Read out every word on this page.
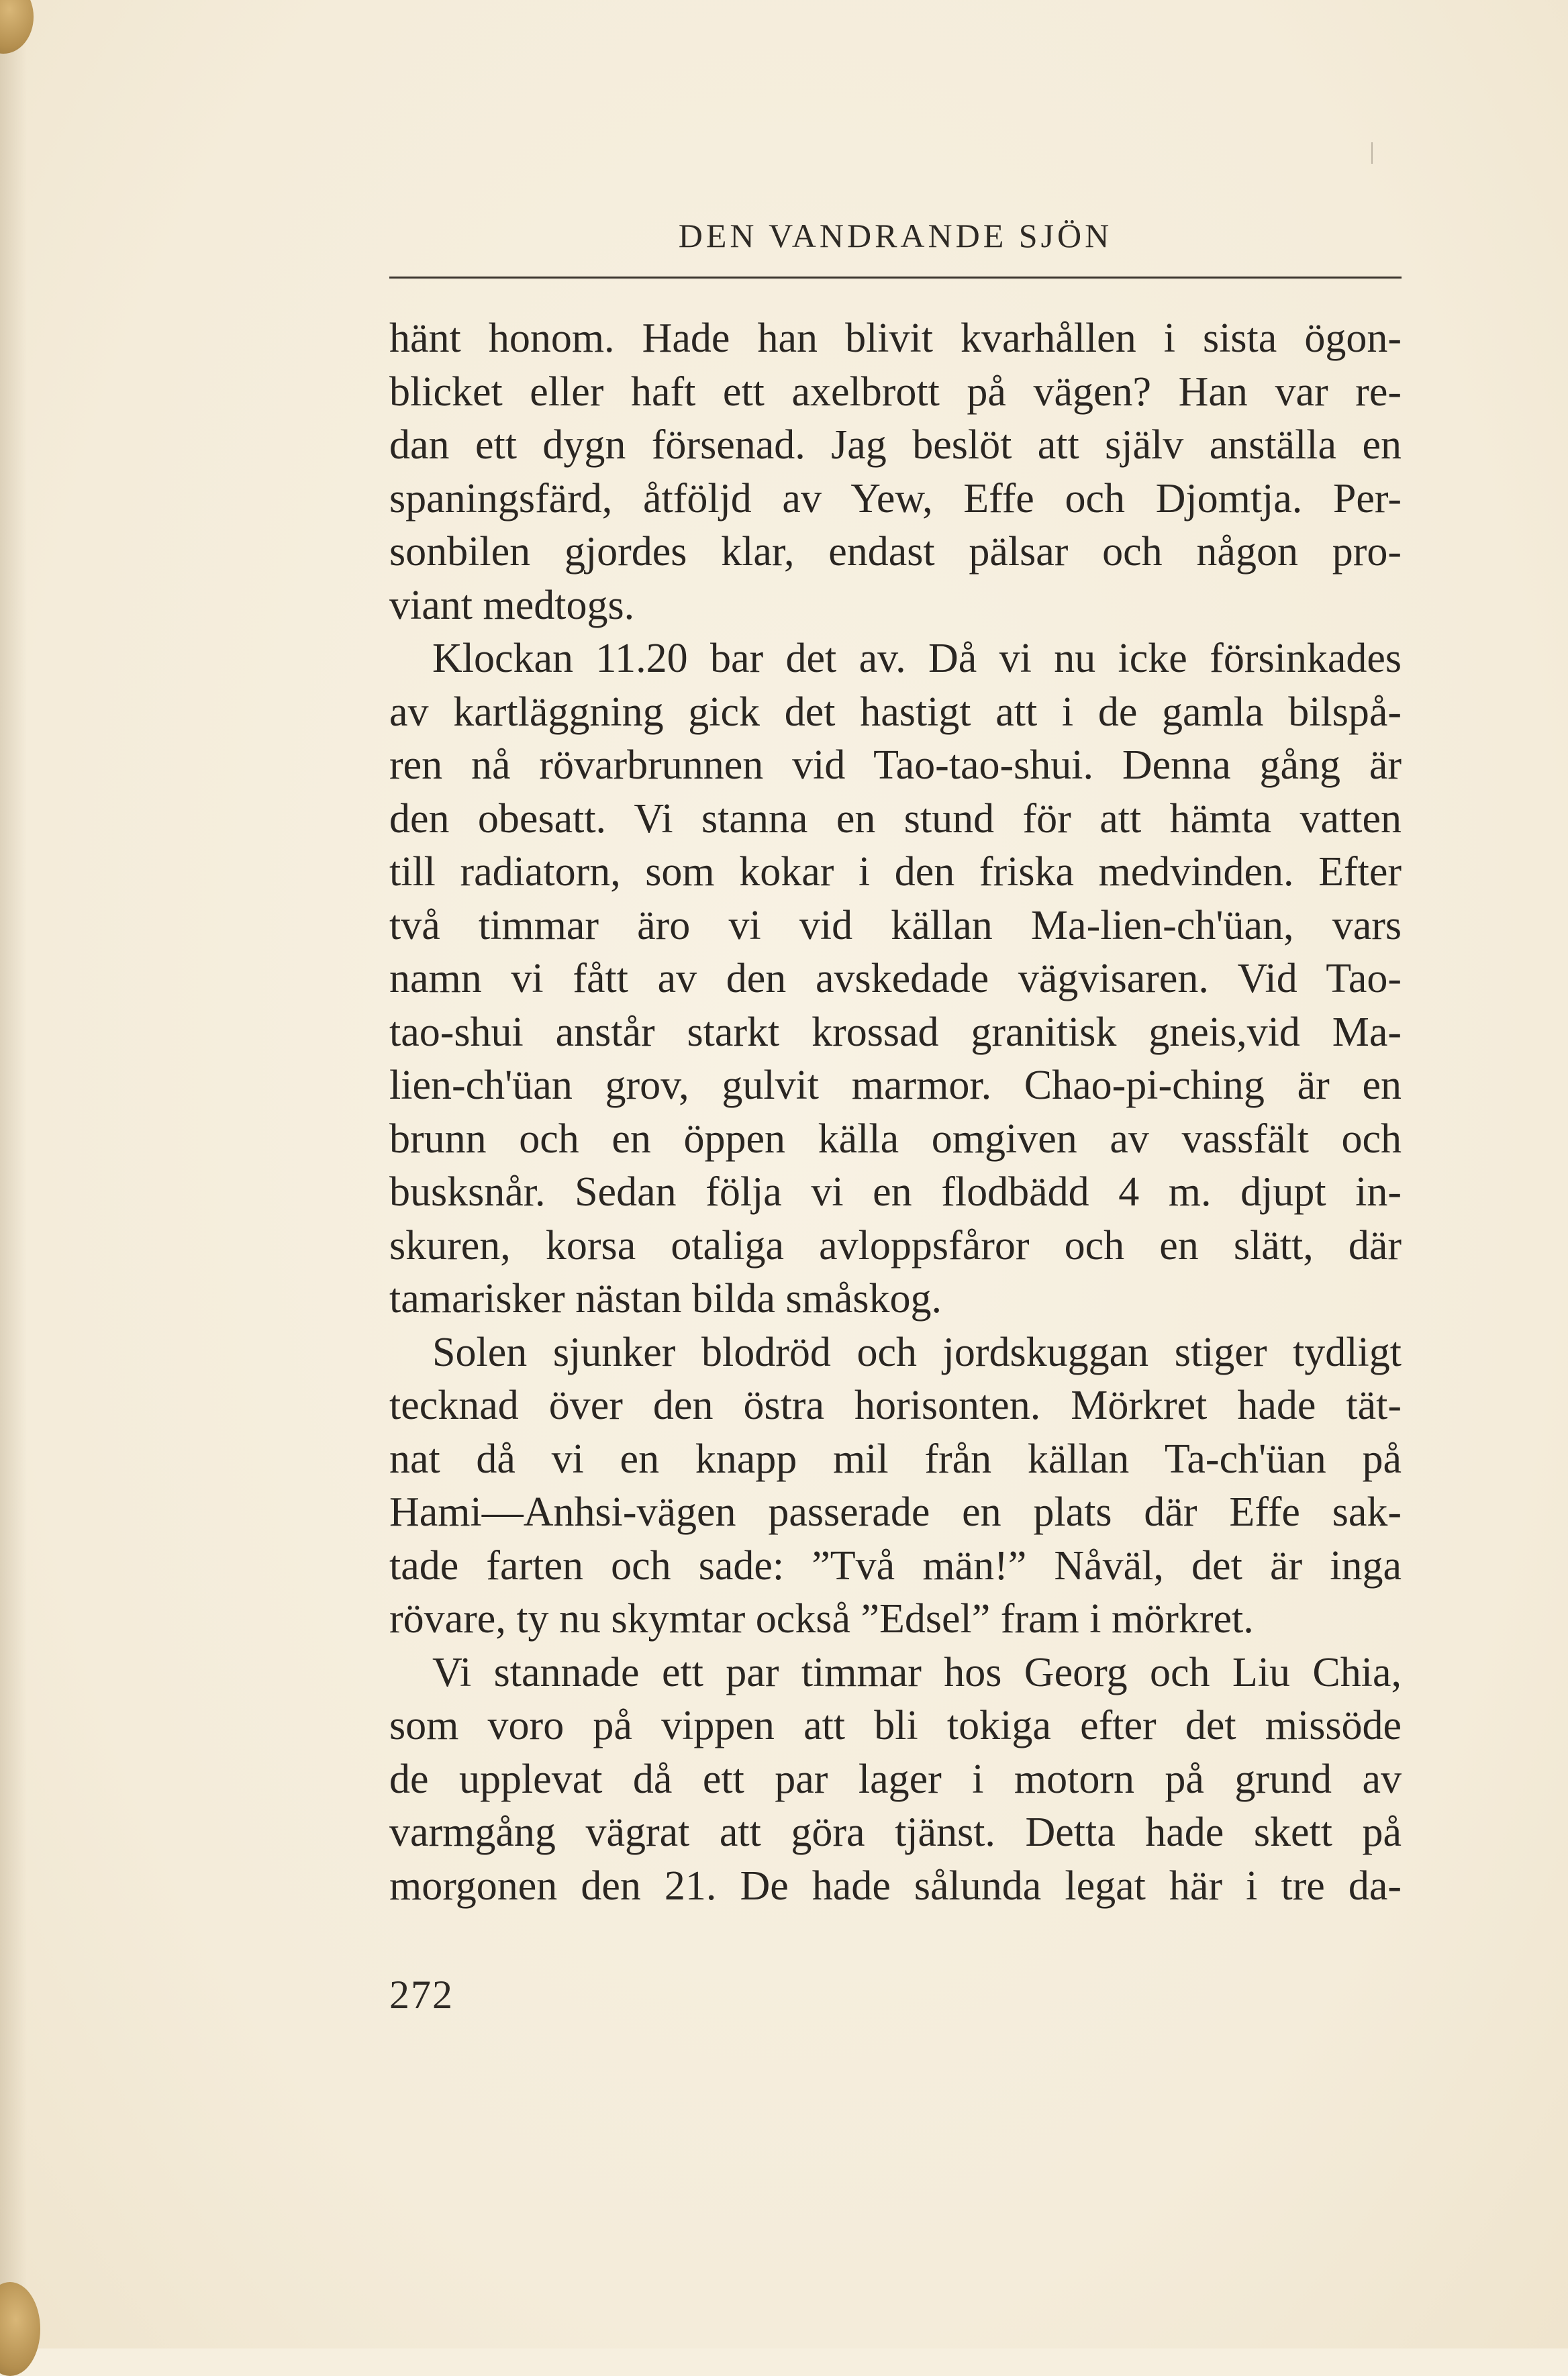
DEN VANDRANDE SJÖN
hänt honom. Hade han blivit kvarhållen i sista ögon-
blicket eller haft ett axelbrott på vägen? Han var re-
dan ett dygn försenad. Jag beslöt att själv anställa en
spaningsfärd, åtföljd av Yew, Effe och Djomtja. Per-
sonbilen gjordes klar, endast pälsar och någon pro-
viant medtogs.
Klockan 11.20 bar det av. Då vi nu icke försinkades
av kartläggning gick det hastigt att i de gamla bilspå-
ren nå rövarbrunnen vid Tao-tao-shui. Denna gång är
den obesatt. Vi stanna en stund för att hämta vatten
till radiatorn, som kokar i den friska medvinden. Efter
två timmar äro vi vid källan Ma-lien-ch'üan, vars
namn vi fått av den avskedade vägvisaren. Vid Tao-
tao-shui anstår starkt krossad granitisk gneis,vid Ma-
lien-ch'üan grov, gulvit marmor. Chao-pi-ching är en
brunn och en öppen källa omgiven av vassfält och
busksnår. Sedan följa vi en flodbädd 4 m. djupt in-
skuren, korsa otaliga avloppsfåror och en slätt, där
tamarisker nästan bilda småskog.
Solen sjunker blodröd och jordskuggan stiger tydligt
tecknad över den östra horisonten. Mörkret hade tät-
nat då vi en knapp mil från källan Ta-ch'üan på
Hami—Anhsi-vägen passerade en plats där Effe sak-
tade farten och sade: ”Två män!” Nåväl, det är inga
rövare, ty nu skymtar också ”Edsel” fram i mörkret.
Vi stannade ett par timmar hos Georg och Liu Chia,
som voro på vippen att bli tokiga efter det missöde
de upplevat då ett par lager i motorn på grund av
varmgång vägrat att göra tjänst. Detta hade skett på
morgonen den 21. De hade sålunda legat här i tre da-
272
